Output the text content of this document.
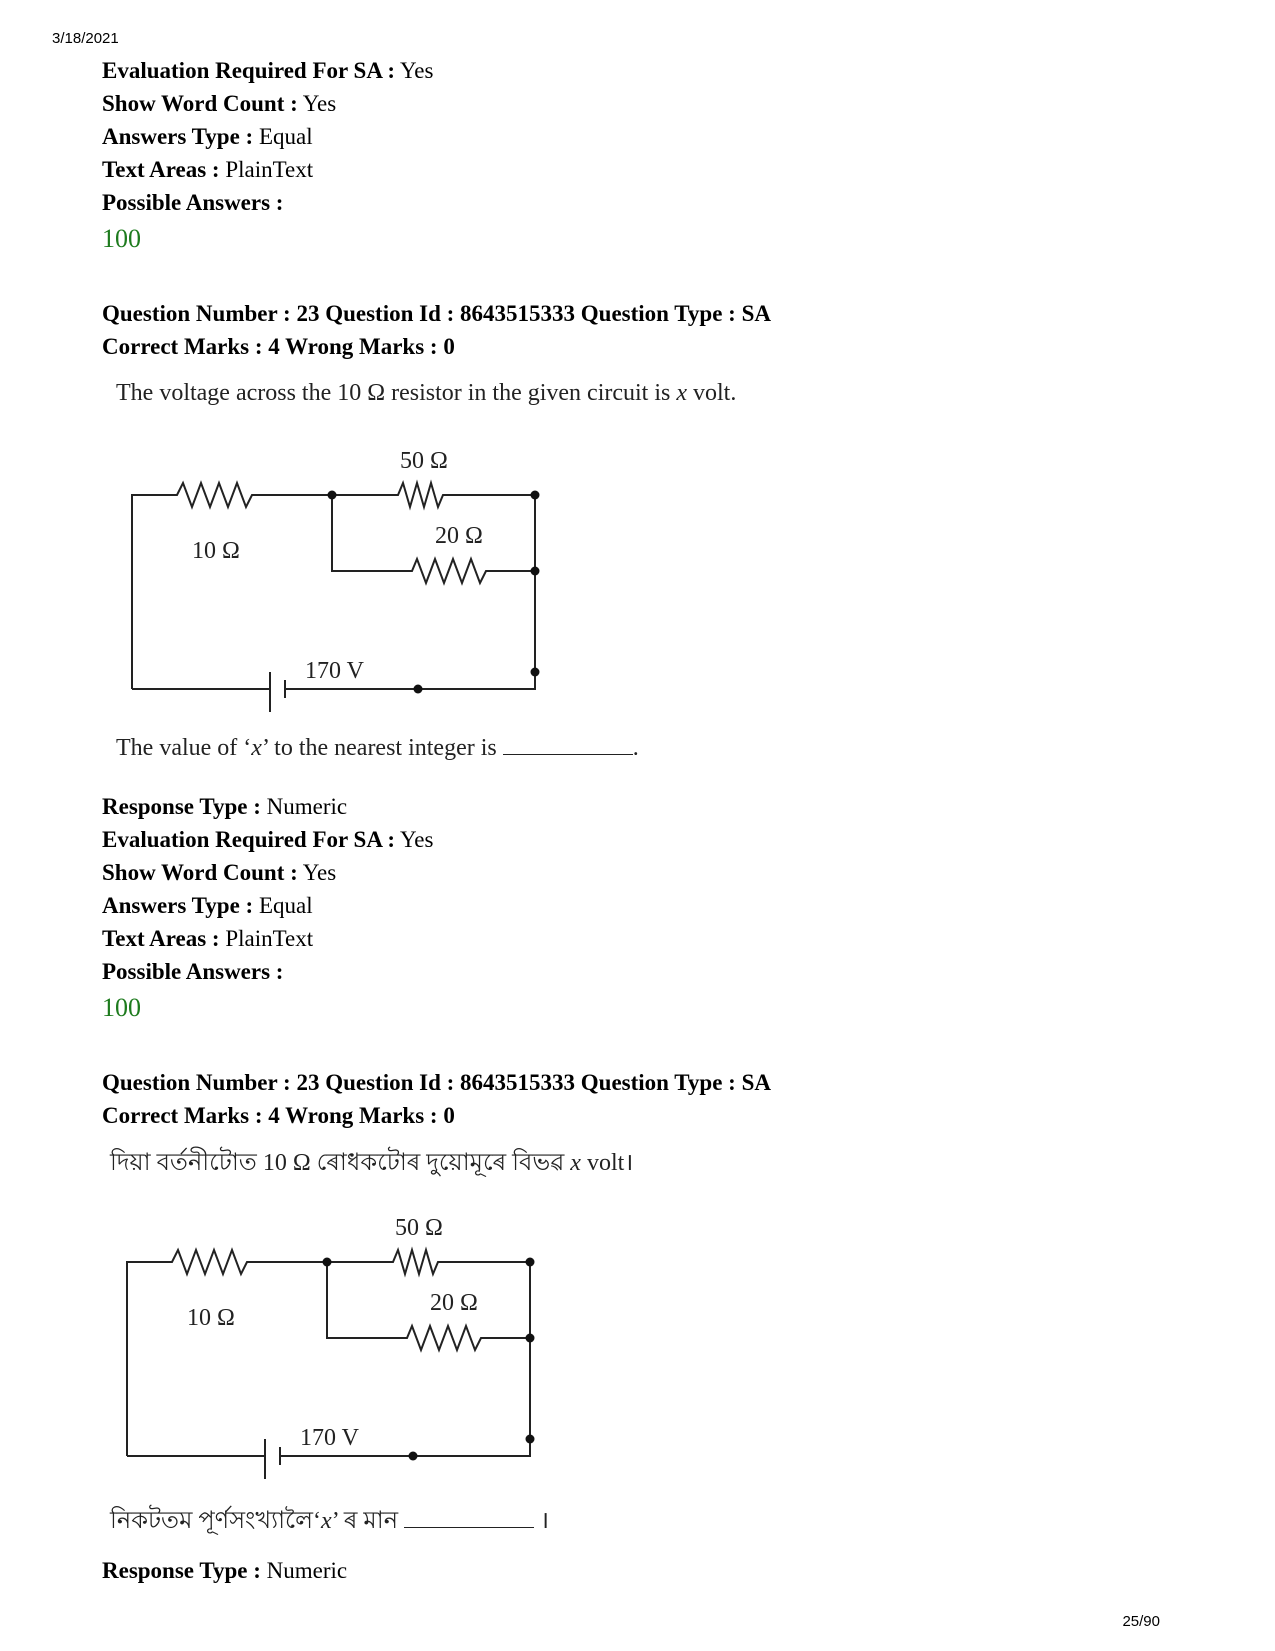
3/18/2021
25/90
Evaluation Required For SA : Yes
Show Word Count : Yes
Answers Type : Equal
Text Areas : PlainText
Possible Answers :
100
Question Number : 23 Question Id : 8643515333 Question Type : SA
Correct Marks : 4 Wrong Marks : 0
The voltage across the 10 Ω resistor in the given circuit is x volt.
50 Ω
20 Ω
10 Ω
170 V
The value of ‘x’ to the nearest integer is	.
Response Type : Numeric
Evaluation Required For SA : Yes
Show Word Count : Yes
Answers Type : Equal
Text Areas : PlainText
Possible Answers :
100
Question Number : 23 Question Id : 8643515333 Question Type : SA
Correct Marks : 4 Wrong Marks : 0
দিয়া বৰ্তনীটোত 10 Ω ৰোধকটোৰ দুয়োমূৰে বিভৱ x volt।
50 Ω
20 Ω
10 Ω
170 V
নিকটতম পূৰ্ণসংখ্যালৈ‘x’ ৰ মান	।
Response Type : Numeric
